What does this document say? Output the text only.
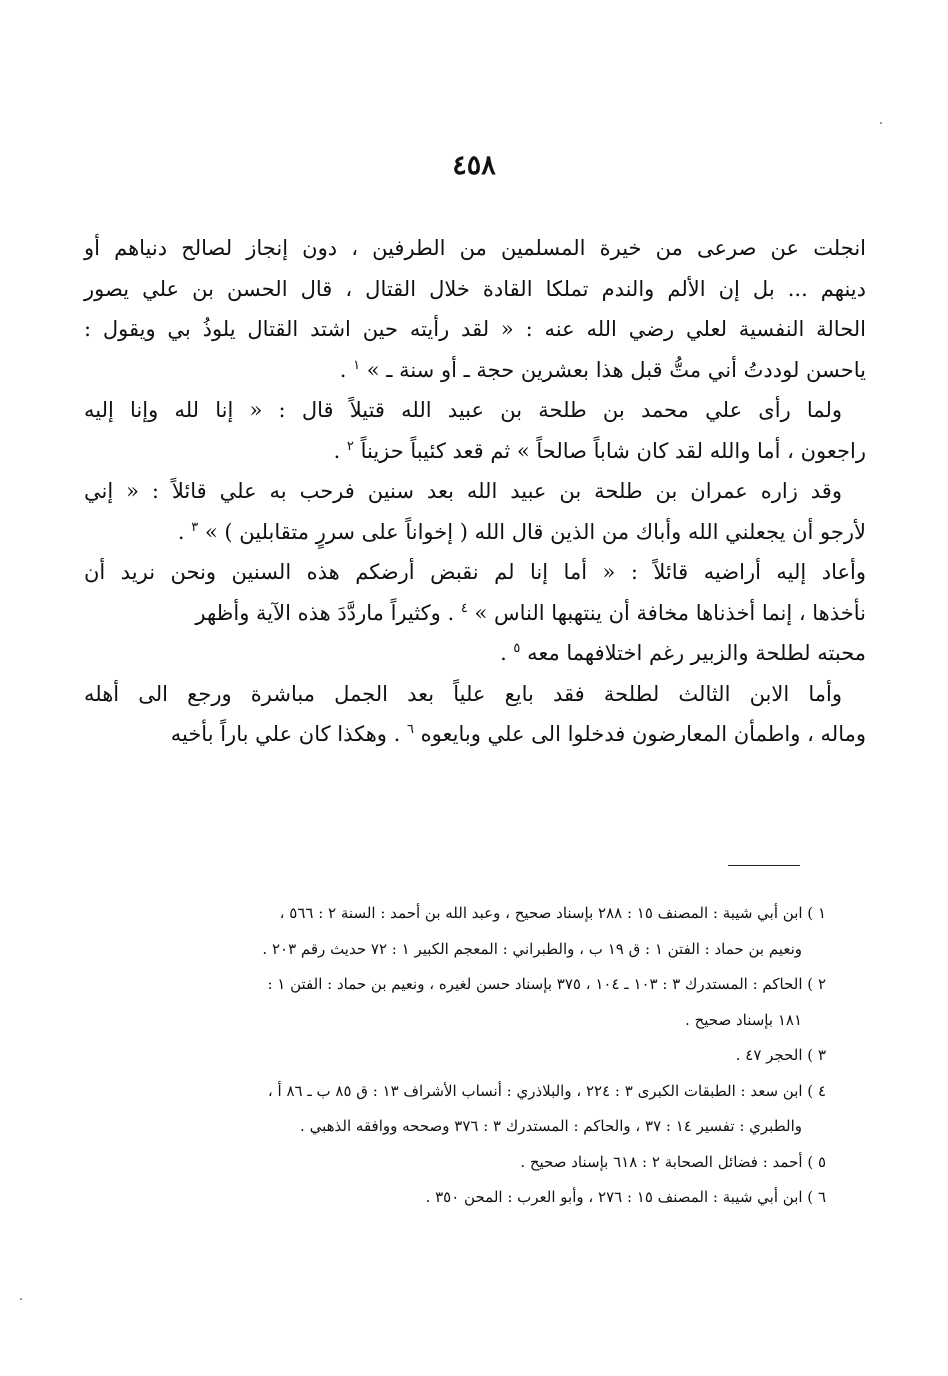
٤٥٨
انجلت عن صرعى من خيرة المسلمين من الطرفين ، دون إنجاز لصالح دنياهم أو
دينهم ... بل إن الألم والندم تملكا القادة خلال القتال ، قال الحسن بن علي يصور
الحالة النفسية لعلي رضي الله عنه : « لقد رأيته حين اشتد القتال يلوذُ بي ويقول :
ياحسن لوددتُ أني متُّ قبل هذا بعشرين حجة ـ أو سنة ـ » $^١$ .
ولما رأى علي محمد بن طلحة بن عبيد الله قتيلاً قال : « إنا لله وإنا إليه
راجعون ، أما والله لقد كان شاباً صالحاً » ثم قعد كئيباً حزيناً $^٢$ .
وقد زاره عمران بن طلحة بن عبيد الله بعد سنين فرحب به علي قائلاً : « إني
لأرجو أن يجعلني الله وأباك من الذين قال الله ( إخواناً على سررٍ متقابلين ) » $^٣$ .
وأعاد إليه أراضيه قائلاً : « أما إنا لم نقبض أرضكم هذه السنين ونحن نريد أن
نأخذها ، إنما أخذناها مخافة أن ينتهبها الناس » $^٤$ . وكثيراً ماردَّدَ هذه الآية وأظهر
محبته لطلحة والزبير رغم اختلافهما معه $^٥$ .
وأما الابن الثالث لطلحة فقد بايع علياً بعد الجمل مباشرة ورجع الى أهله
وماله ، واطمأن المعارضون فدخلوا الى علي وبايعوه $^٦$ . وهكذا كان علي باراً بأخيه
١ ) ابن أبي شيبة : المصنف ١٥ : ٢٨٨ بإسناد صحيح ، وعبد الله بن أحمد : السنة ٢ : ٥٦٦ ،
ونعيم بن حماد : الفتن ١ : ق ١٩ ب ، والطبراني : المعجم الكبير ١ : ٧٢ حديث رقم ٢٠٣ .
٢ ) الحاكم : المستدرك ٣ : ١٠٣ ـ ١٠٤ ، ٣٧٥ بإسناد حسن لغيره ، ونعيم بن حماد : الفتن ١ :
١٨١ بإسناد صحيح .
٣ ) الحجر ٤٧ .
٤ ) ابن سعد : الطبقات الكبرى ٣ : ٢٢٤ ، والبلاذري : أنساب الأشراف ١٣ : ق ٨٥ ب ـ ٨٦ أ ،
والطبري : تفسير ١٤ : ٣٧ ، والحاكم : المستدرك ٣ : ٣٧٦ وصححه ووافقه الذهبي .
٥ ) أحمد : فضائل الصحابة ٢ : ٦١٨ بإسناد صحيح .
٦ ) ابن أبي شيبة : المصنف ١٥ : ٢٧٦ ، وأبو العرب : المحن ٣٥٠ .
